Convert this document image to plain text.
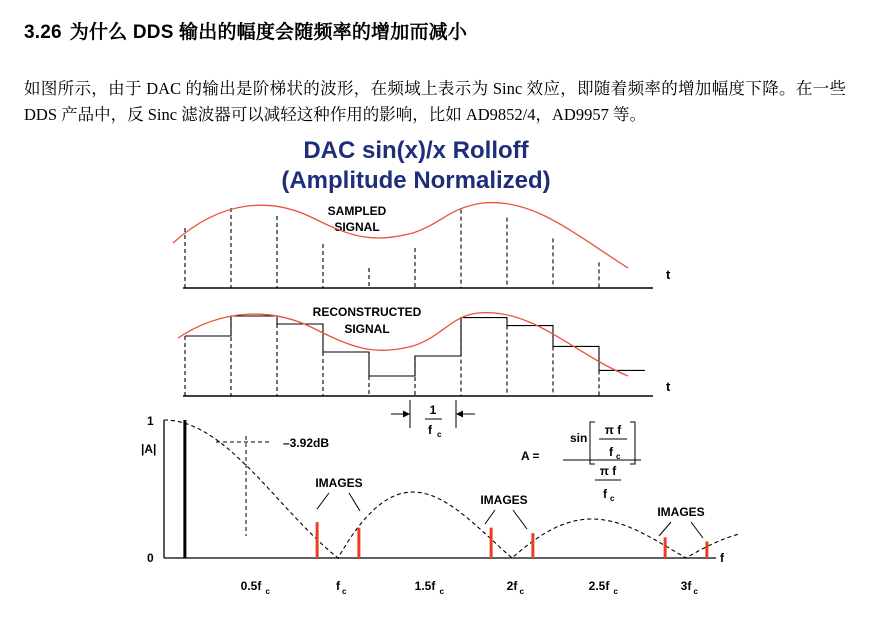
3.26 为什么 DDS 输出的幅度会随频率的增加而减小

如图所示，由于 DAC 的输出是阶梯状的波形，在频域上表示为 Sinc 效应，即随着频率的增加幅度下降。在一些 DDS 产品中，反 Sinc 滤波器可以减轻这种作用的影响，比如 AD9852/4，AD9957 等。

DAC sin(x)/x Rolloff
(Amplitude Normalized)
t
SAMPLED
SIGNAL
t
RECONSTRUCTED
SIGNAL
1
f c
1
0
|A|
f
0.5f c	f c	1.5f c	2f c	2.5f c	3f c
–3.92dB
IMAGES
IMAGES
IMAGES
A =
sin
π f
f c
π f
f c
